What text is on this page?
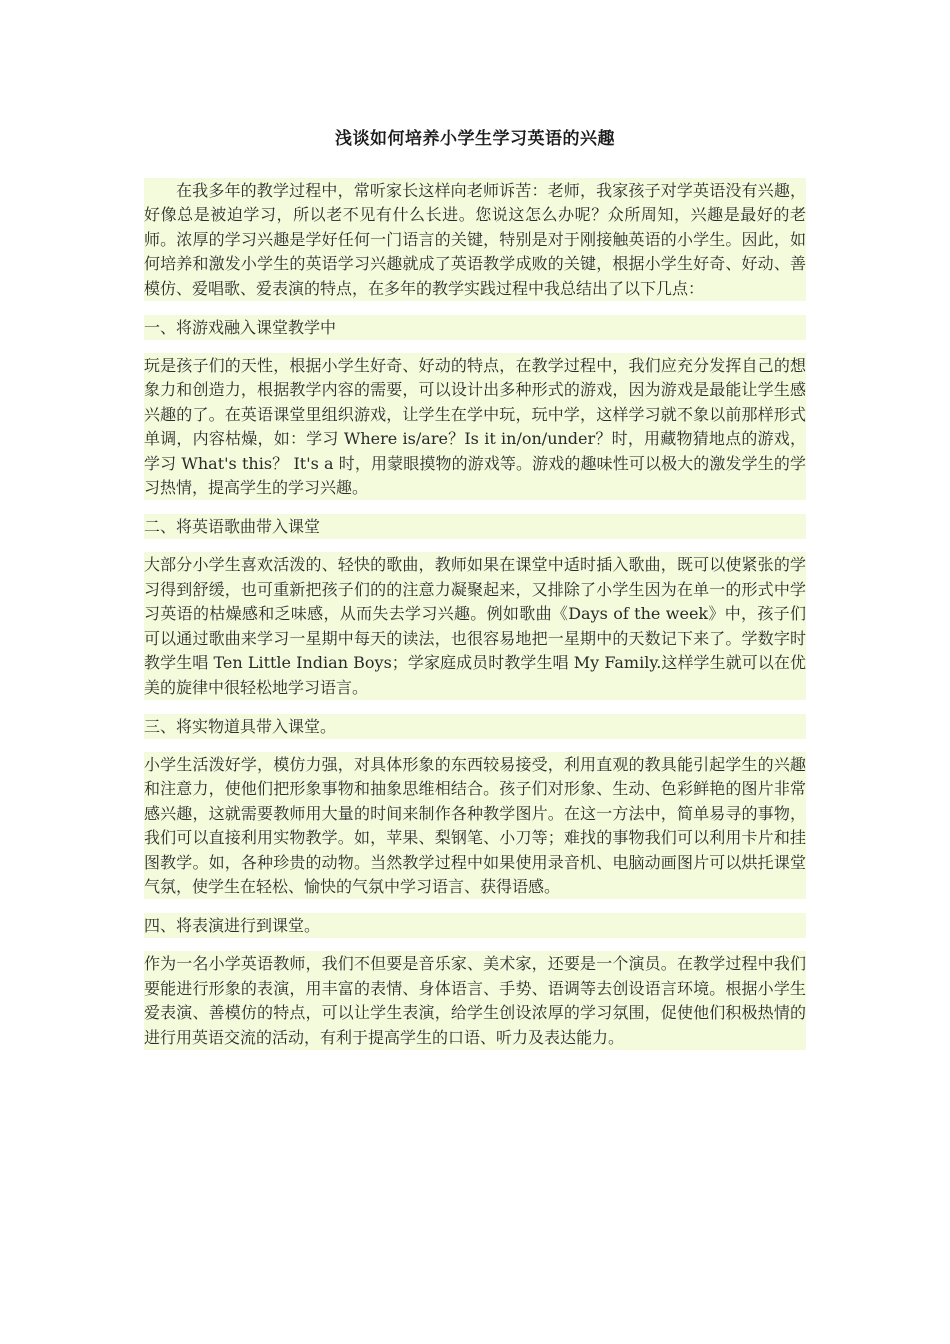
浅谈如何培养小学生学习英语的兴趣

在我多年的教学过程中，常听家长这样向老师诉苦：老师，我家孩子对学英语没有兴趣，好像总是被迫学习，所以老不见有什么长进。您说这怎么办呢？众所周知，兴趣是最好的老师。浓厚的学习兴趣是学好任何一门语言的关键，特别是对于刚接触英语的小学生。因此，如何培养和激发小学生的英语学习兴趣就成了英语教学成败的关键，根据小学生好奇、好动、善模仿、爱唱歌、爱表演的特点，在多年的教学实践过程中我总结出了以下几点：

一、将游戏融入课堂教学中

玩是孩子们的天性，根据小学生好奇、好动的特点，在教学过程中，我们应充分发挥自己的想象力和创造力，根据教学内容的需要，可以设计出多种形式的游戏，因为游戏是最能让学生感兴趣的了。在英语课堂里组织游戏，让学生在学中玩，玩中学，这样学习就不象以前那样形式单调，内容枯燥，如：学习 Where is/are？Is it in/on/under？时，用藏物猜地点的游戏，学习 What's this？ It's a 时，用蒙眼摸物的游戏等。游戏的趣味性可以极大的激发学生的学习热情，提高学生的学习兴趣。

二、将英语歌曲带入课堂

大部分小学生喜欢活泼的、轻快的歌曲，教师如果在课堂中适时插入歌曲，既可以使紧张的学习得到舒缓，也可重新把孩子们的的注意力凝聚起来，又排除了小学生因为在单一的形式中学习英语的枯燥感和乏味感，从而失去学习兴趣。例如歌曲《Days of the week》中，孩子们可以通过歌曲来学习一星期中每天的读法，也很容易地把一星期中的天数记下来了。学数字时教学生唱 Ten Little Indian Boys；学家庭成员时教学生唱 My Family.这样学生就可以在优美的旋律中很轻松地学习语言。

三、将实物道具带入课堂。

小学生活泼好学，模仿力强，对具体形象的东西较易接受，利用直观的教具能引起学生的兴趣和注意力，使他们把形象事物和抽象思维相结合。孩子们对形象、生动、色彩鲜艳的图片非常感兴趣，这就需要教师用大量的时间来制作各种教学图片。在这一方法中，简单易寻的事物，我们可以直接利用实物教学。如，苹果、梨钢笔、小刀等；难找的事物我们可以利用卡片和挂图教学。如，各种珍贵的动物。当然教学过程中如果使用录音机、电脑动画图片可以烘托课堂气氛，使学生在轻松、愉快的气氛中学习语言、获得语感。

四、将表演进行到课堂。

作为一名小学英语教师，我们不但要是音乐家、美术家，还要是一个演员。在教学过程中我们要能进行形象的表演，用丰富的表情、身体语言、手势、语调等去创设语言环境。根据小学生爱表演、善模仿的特点，可以让学生表演，给学生创设浓厚的学习氛围，促使他们积极热情的进行用英语交流的活动，有利于提高学生的口语、听力及表达能力。
